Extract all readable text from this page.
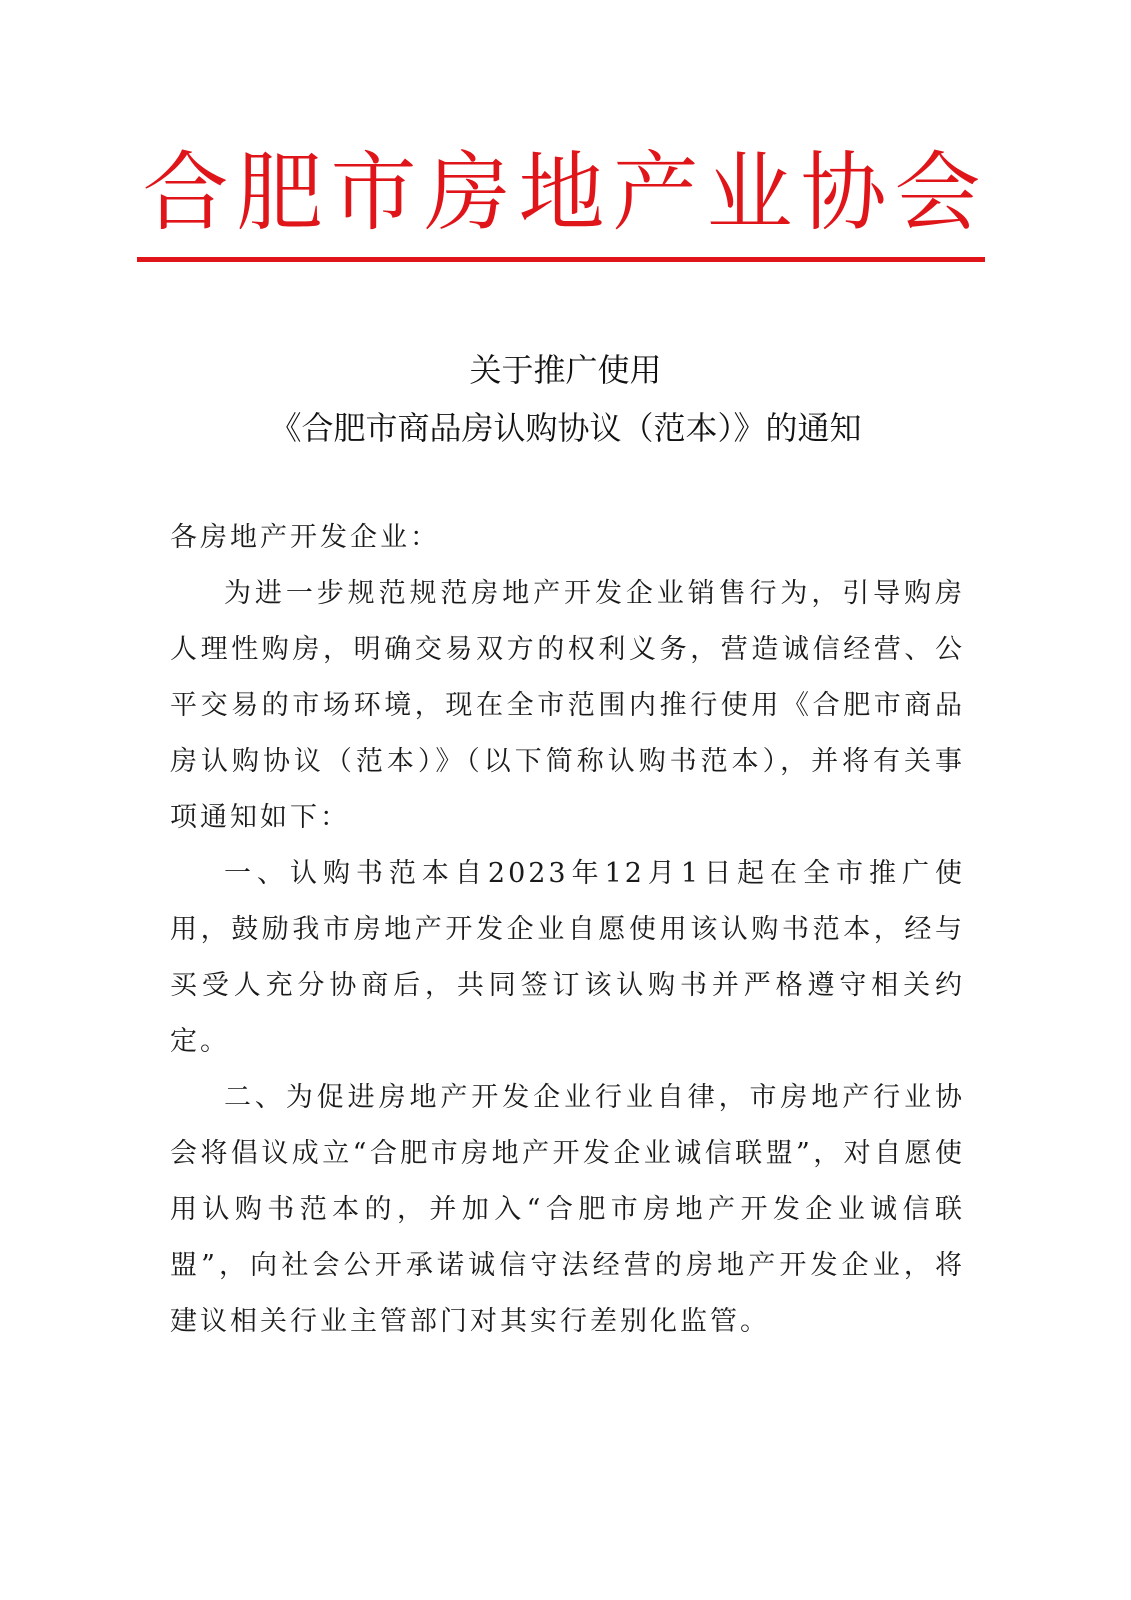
合肥市房地产业协会
关于推广使用
《合肥市商品房认购协议（范本）》的通知

各房地产开发企业：

为进一步规范规范房地产开发企业销售行为，引导购房人理性购房，明确交易双方的权利义务，营造诚信经营、公平交易的市场环境，现在全市范围内推行使用《合肥市商品房认购协议（范本）》（以下简称认购书范本），并将有关事项通知如下：

一、认购书范本自2023年12月1日起在全市推广使用，鼓励我市房地产开发企业自愿使用该认购书范本，经与买受人充分协商后，共同签订该认购书并严格遵守相关约定。

二、为促进房地产开发企业行业自律，市房地产行业协会将倡议成立“合肥市房地产开发企业诚信联盟”，对自愿使用认购书范本的，并加入“合肥市房地产开发企业诚信联盟”，向社会公开承诺诚信守法经营的房地产开发企业，将建议相关行业主管部门对其实行差别化监管。
